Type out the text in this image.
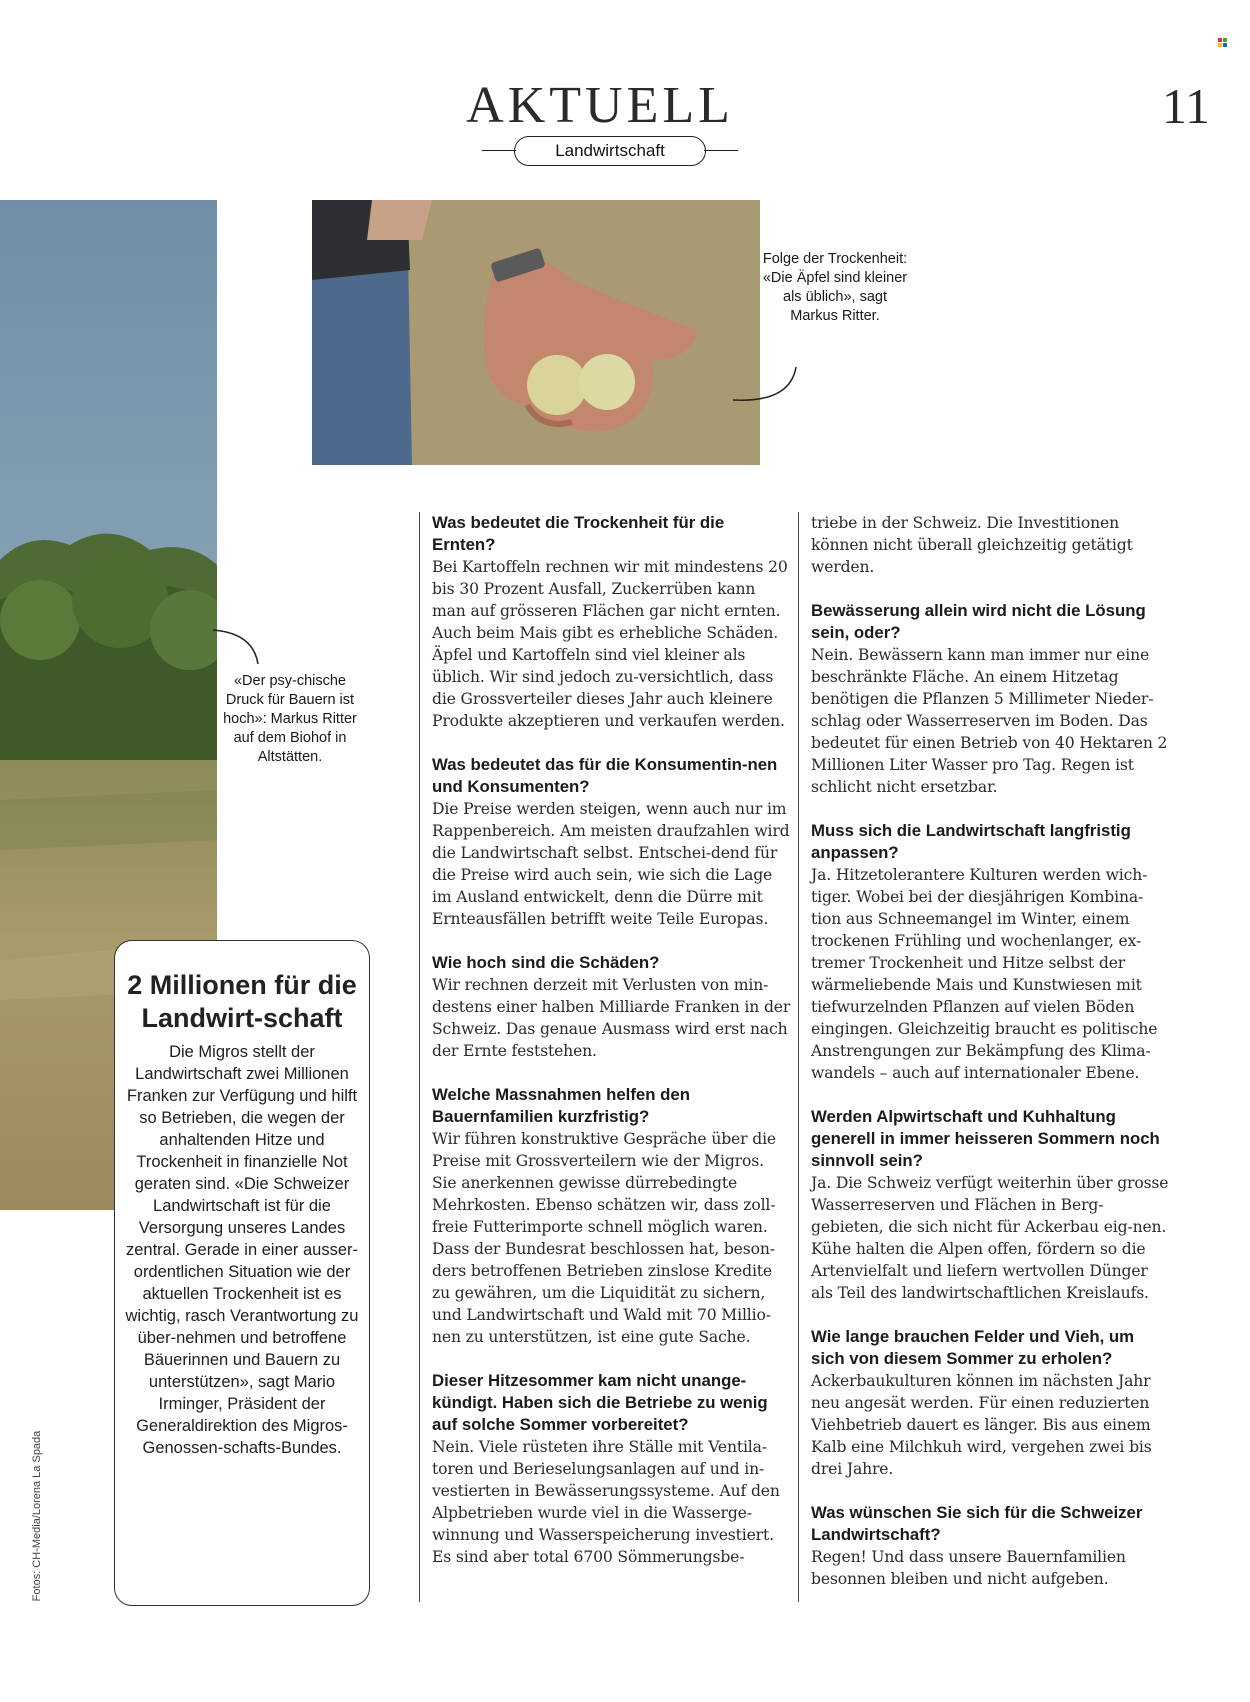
AKTUELL	11
Landwirtschaft
Folge der Trockenheit: «Die Äpfel sind kleiner als üblich», sagt Markus Ritter.
«Der psy-chische Druck für Bauern ist hoch»: Markus Ritter auf dem Biohof in Altstätten.
2 Millionen für die Landwirt-schaft
Die Migros stellt der Landwirtschaft zwei Millionen Franken zur Verfügung und hilft so Betrieben, die wegen der anhaltenden Hitze und Trockenheit in finanzielle Not geraten sind. «Die Schweizer Landwirtschaft ist für die Versorgung unseres Landes zentral. Gerade in einer ausser-ordentlichen Situation wie der aktuellen Trockenheit ist es wichtig, rasch Verantwortung zu über-nehmen und betroffene Bäuerinnen und Bauern zu unterstützen», sagt Mario Irminger, Präsident der Generaldirektion des Migros-Genossen-schafts-Bundes.
Fotos: CH-Media/Lorena La Spada

Was bedeutet die Trockenheit für die Ernten?

Bei Kartoffeln rechnen wir mit mindestens 20 bis 30 Prozent Ausfall, Zuckerrüben kann man auf grösseren Flächen gar nicht ernten. Auch beim Mais gibt es erhebliche Schäden. Äpfel und Kartoffeln sind viel kleiner als üblich. Wir sind jedoch zu-versichtlich, dass die Grossverteiler dieses Jahr auch kleinere Produkte akzeptieren und verkaufen werden.

Was bedeutet das für die Konsumentin-nen und Konsumenten?

Die Preise werden steigen, wenn auch nur im Rappenbereich. Am meisten draufzahlen wird die Landwirtschaft selbst. Entschei-dend für die Preise wird auch sein, wie sich die Lage im Ausland entwickelt, denn die Dürre mit Ernteausfällen betrifft weite Teile Europas.

Wie hoch sind die Schäden?

Wir rechnen derzeit mit Verlusten von min-destens einer halben Milliarde Franken in der Schweiz. Das genaue Ausmass wird erst nach der Ernte feststehen.

Welche Massnahmen helfen den Bauernfamilien kurzfristig?

Wir führen konstruktive Gespräche über die Preise mit Grossverteilern wie der Migros. Sie anerkennen gewisse dürrebedingte Mehrkosten. Ebenso schätzen wir, dass zoll-freie Futterimporte schnell möglich waren. Dass der Bundesrat beschlossen hat, beson-ders betroffenen Betrieben zinslose Kredite zu gewähren, um die Liquidität zu sichern, und Landwirtschaft und Wald mit 70 Millio-nen zu unterstützen, ist eine gute Sache.

Dieser Hitzesommer kam nicht unange-kündigt. Haben sich die Betriebe zu wenig auf solche Sommer vorbereitet?

Nein. Viele rüsteten ihre Ställe mit Ventila-toren und Berieselungsanlagen auf und in-vestierten in Bewässerungssysteme. Auf den Alpbetrieben wurde viel in die Wasserge-winnung und Wasserspeicherung investiert. Es sind aber total 6700 Sömmerungsbe-

triebe in der Schweiz. Die Investitionen können nicht überall gleichzeitig getätigt werden.

Bewässerung allein wird nicht die Lösung sein, oder?

Nein. Bewässern kann man immer nur eine beschränkte Fläche. An einem Hitzetag benötigen die Pflanzen 5 Millimeter Nieder-schlag oder Wasserreserven im Boden. Das bedeutet für einen Betrieb von 40 Hektaren 2 Millionen Liter Wasser pro Tag. Regen ist schlicht nicht ersetzbar.

Muss sich die Landwirtschaft langfristig anpassen?

Ja. Hitzetolerantere Kulturen werden wich-tiger. Wobei bei der diesjährigen Kombina-tion aus Schneemangel im Winter, einem trockenen Frühling und wochenlanger, ex-tremer Trockenheit und Hitze selbst der wärmeliebende Mais und Kunstwiesen mit tiefwurzelnden Pflanzen auf vielen Böden eingingen. Gleichzeitig braucht es politische Anstrengungen zur Bekämpfung des Klima-wandels – auch auf internationaler Ebene.

Werden Alpwirtschaft und Kuhhaltung generell in immer heisseren Sommern noch sinnvoll sein?

Ja. Die Schweiz verfügt weiterhin über grosse Wasserreserven und Flächen in Berg-gebieten, die sich nicht für Ackerbau eig-nen. Kühe halten die Alpen offen, fördern so die Artenvielfalt und liefern wertvollen Dünger als Teil des landwirtschaftlichen Kreislaufs.

Wie lange brauchen Felder und Vieh, um sich von diesem Sommer zu erholen?

Ackerbaukulturen können im nächsten Jahr neu angesät werden. Für einen reduzierten Viehbetrieb dauert es länger. Bis aus einem Kalb eine Milchkuh wird, vergehen zwei bis drei Jahre.

Was wünschen Sie sich für die Schweizer Landwirtschaft?

Regen! Und dass unsere Bauernfamilien besonnen bleiben und nicht aufgeben.
